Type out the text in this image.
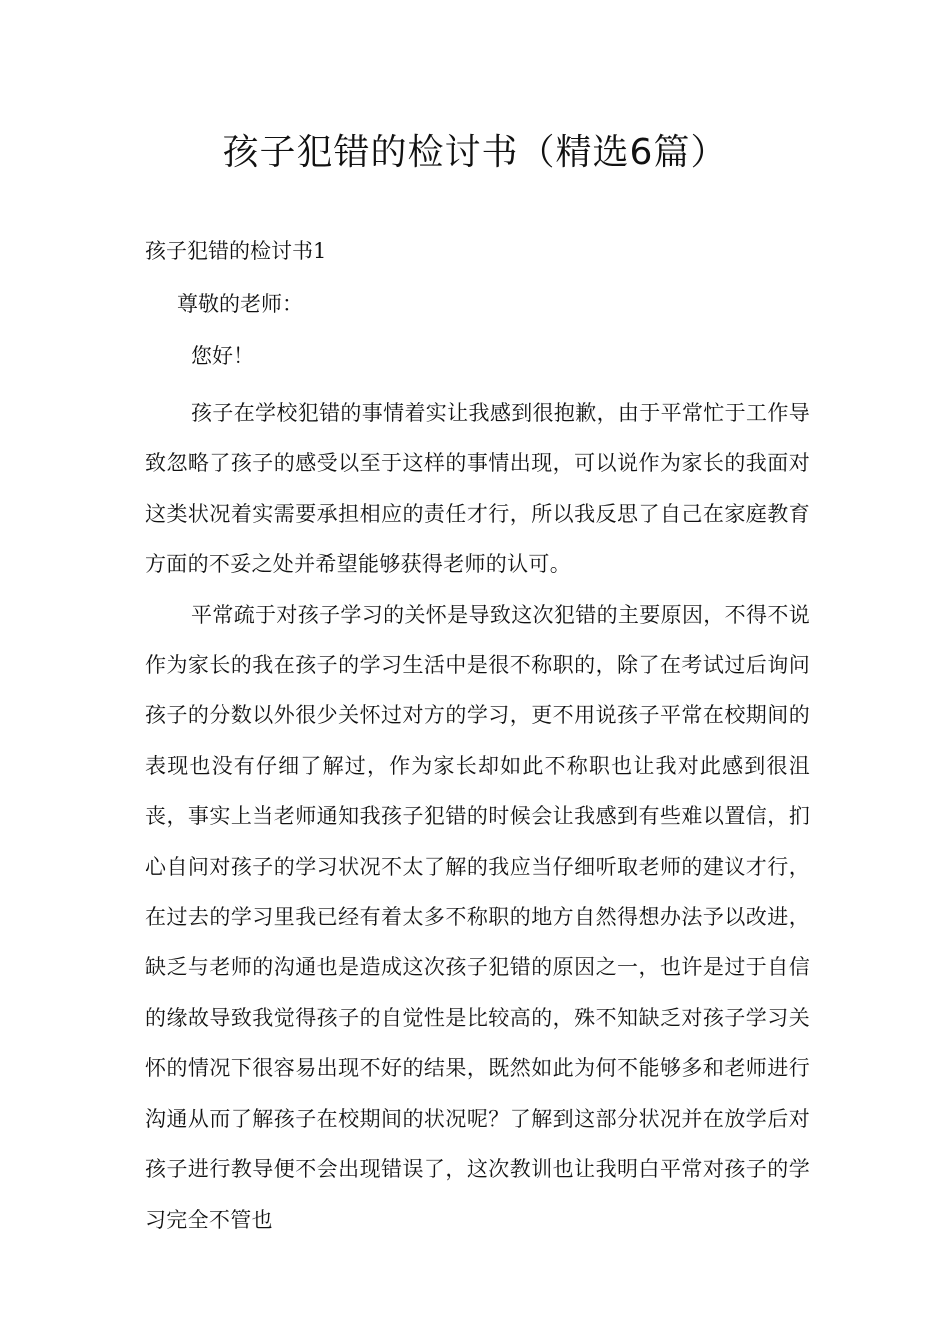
孩子犯错的检讨书（精选6篇）

孩子犯错的检讨书1

尊敬的老师：

您好！

孩子在学校犯错的事情着实让我感到很抱歉，由于平常忙于工作导致忽略了孩子的感受以至于这样的事情出现，可以说作为家长的我面对这类状况着实需要承担相应的责任才行，所以我反思了自己在家庭教育方面的不妥之处并希望能够获得老师的认可。

平常疏于对孩子学习的关怀是导致这次犯错的主要原因，不得不说作为家长的我在孩子的学习生活中是很不称职的，除了在考试过后询问孩子的分数以外很少关怀过对方的学习，更不用说孩子平常在校期间的表现也没有仔细了解过，作为家长却如此不称职也让我对此感到很沮丧，事实上当老师通知我孩子犯错的时候会让我感到有些难以置信，扪心自问对孩子的学习状况不太了解的我应当仔细听取老师的建议才行，在过去的学习里我已经有着太多不称职的地方自然得想办法予以改进，缺乏与老师的沟通也是造成这次孩子犯错的原因之一，也许是过于自信的缘故导致我觉得孩子的自觉性是比较高的，殊不知缺乏对孩子学习关怀的情况下很容易出现不好的结果，既然如此为何不能够多和老师进行沟通从而了解孩子在校期间的状况呢？了解到这部分状况并在放学后对孩子进行教导便不会出现错误了，这次教训也让我明白平常对孩子的学习完全不管也
